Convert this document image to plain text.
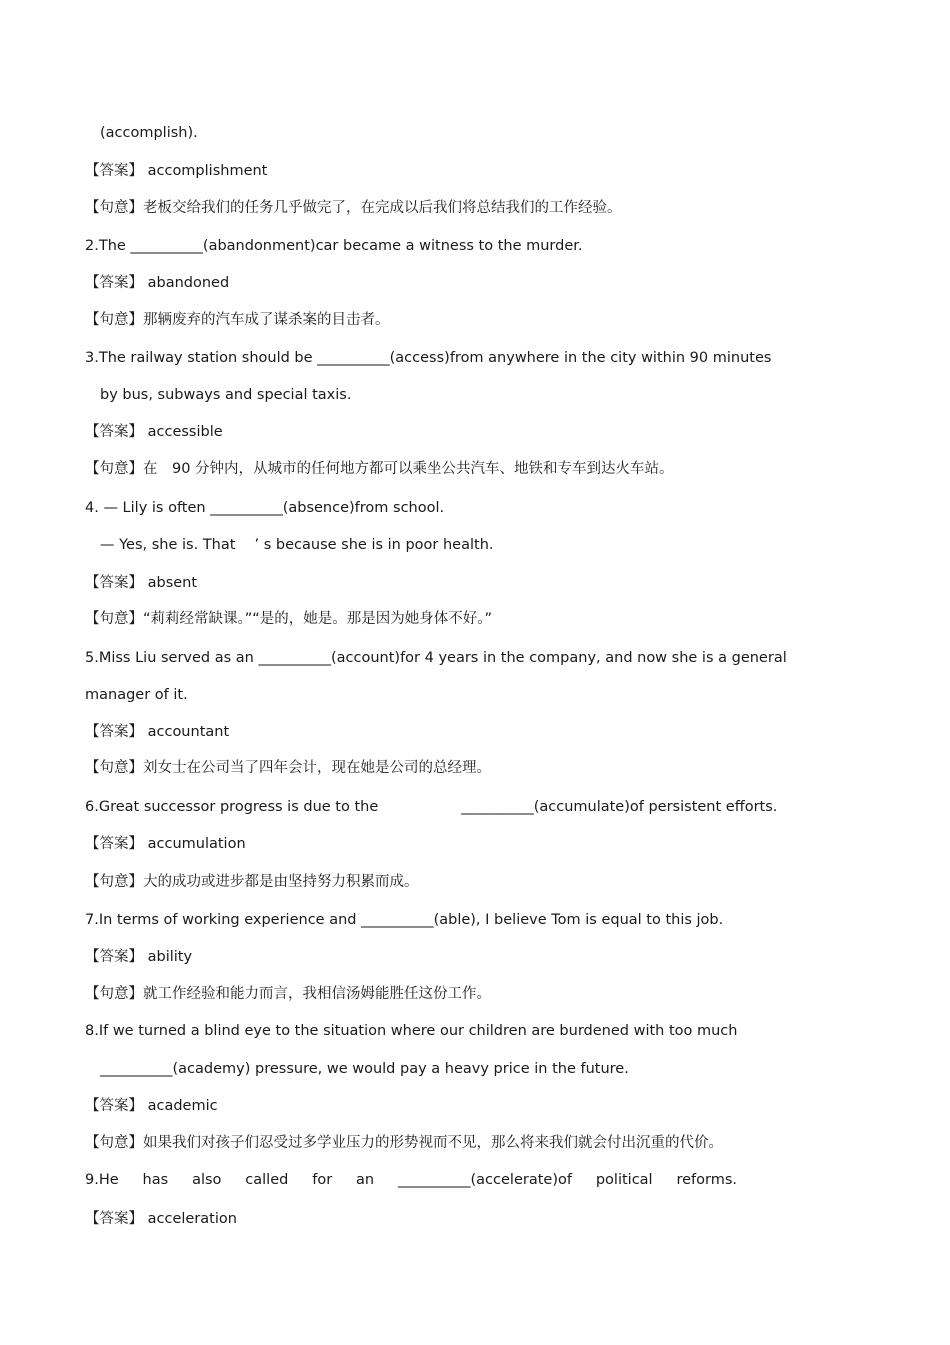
(accomplish).
【答案】 accomplishment
【句意】老板交给我们的任务几乎做完了，在完成以后我们将总结我们的工作经验。
2.The __________(abandonment)car became a witness to the murder.
【答案】 abandoned
【句意】那辆废弃的汽车成了谋杀案的目击者。
3.The railway station should be __________(access)from anywhere in the city within 90 minutes
by bus, subways and special taxis.
【答案】 accessible
【句意】在　90 分钟内，从城市的任何地方都可以乘坐公共汽车、地铁和专车到达火车站。
4. — Lily is often __________(absence)from school.
— Yes, she is. That　 ’ s because she is in poor health.
【答案】 absent
【句意】“莉莉经常缺课。”“是的，她是。那是因为她身体不好。”
5.Miss Liu served as an __________(account)for 4 years in the company, and now she is a general
manager of it.
【答案】 accountant
【句意】刘女士在公司当了四年会计，现在她是公司的总经理。
6.Great successor progress is due to the                  __________(accumulate)of persistent efforts.
【答案】 accumulation
【句意】大的成功或进步都是由坚持努力积累而成。
7.In terms of working experience and __________(able), I believe Tom is equal to this job.
【答案】 ability
【句意】就工作经验和能力而言，我相信汤姆能胜任这份工作。
8.If we turned a blind eye to the situation where our children are burdened with too much
__________(academy) pressure, we would pay a heavy price in the future.
【答案】 academic
【句意】如果我们对孩子们忍受过多学业压力的形势视而不见，那么将来我们就会付出沉重的代价。
9.He has also called for an __________(accelerate)of political reforms.
【答案】 acceleration
